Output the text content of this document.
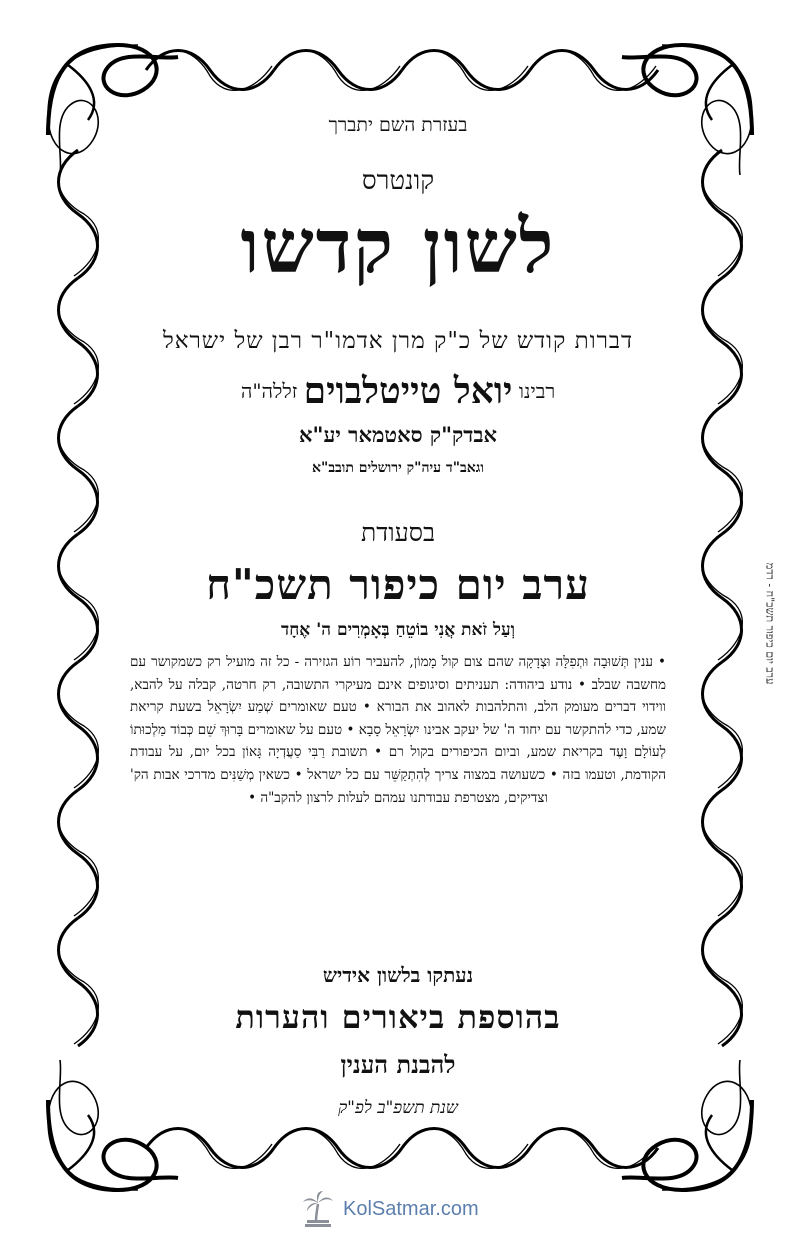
בעזרת השם יתברך
קונטרס
לשון קדשו
דברות קודש של כ"ק מרן אדמו"ר רבן של ישראל
רבינו יואל טייטלבוים זללה"ה
אבדק"ק סאטמאר יע"א
וגאב"ד עיה"ק ירושלים תובב"א
בסעודת
ערב יום כיפור תשכ"ח
וְעַל זֹאת אֲנִי בוֹטֵחַ בְּאָמְרִים ה' אֶחָד
• ענין תְּשׁוּבָה וּתְפִלָּה וּצְדָקָה שהם צום קול מָמוֹן, להעביר רוֹע הגזירה - כל זה מועיל רק כשמקושר עם מחשבה שבלב • נודע ביהודה: תעניתים וסיגופים אינם מעיקרי התשובה, רק חרטה, קבלה על להבא, ווידוי דברים מעומק הלב, והתלהבות לאהוב את הבורא • טעם שאומרים שְׁמַע יִשְׂרָאֵל בשעת קריאת שמע, כדי להתקשר עם יחוד ה' של יעקב אבינו יִשְׂרָאֵל סָבָא • טעם על שאומרים בָּרוּךְ שֵׁם כְּבוֹד מַלְכוּתוֹ לְעוֹלָם וָעֶד בקריאת שמע, וביום הכיפורים בקול רם • תשובת רַבִּי סַעֲדְיָה גָּאוֹן בכל יום, על עבודת הקודמת, וטעמו בזה • כשעושה במצוה צריך לְהִתְקַשֵּׁר עם כל ישראל • כשאין מְשַׁנִּים מדרכי אבות הק' וצדיקים, מצטרפת עבודתנו עמהם לעלות לרצון להקב"ה •
נעתקו בלשון אידיש
בהוספת ביאורים והערות
להבנת הענין
שנת תשפ"ב לפ"ק
ערב יום כיפור תשכ"ח - רדמ
KolSatmar.com
